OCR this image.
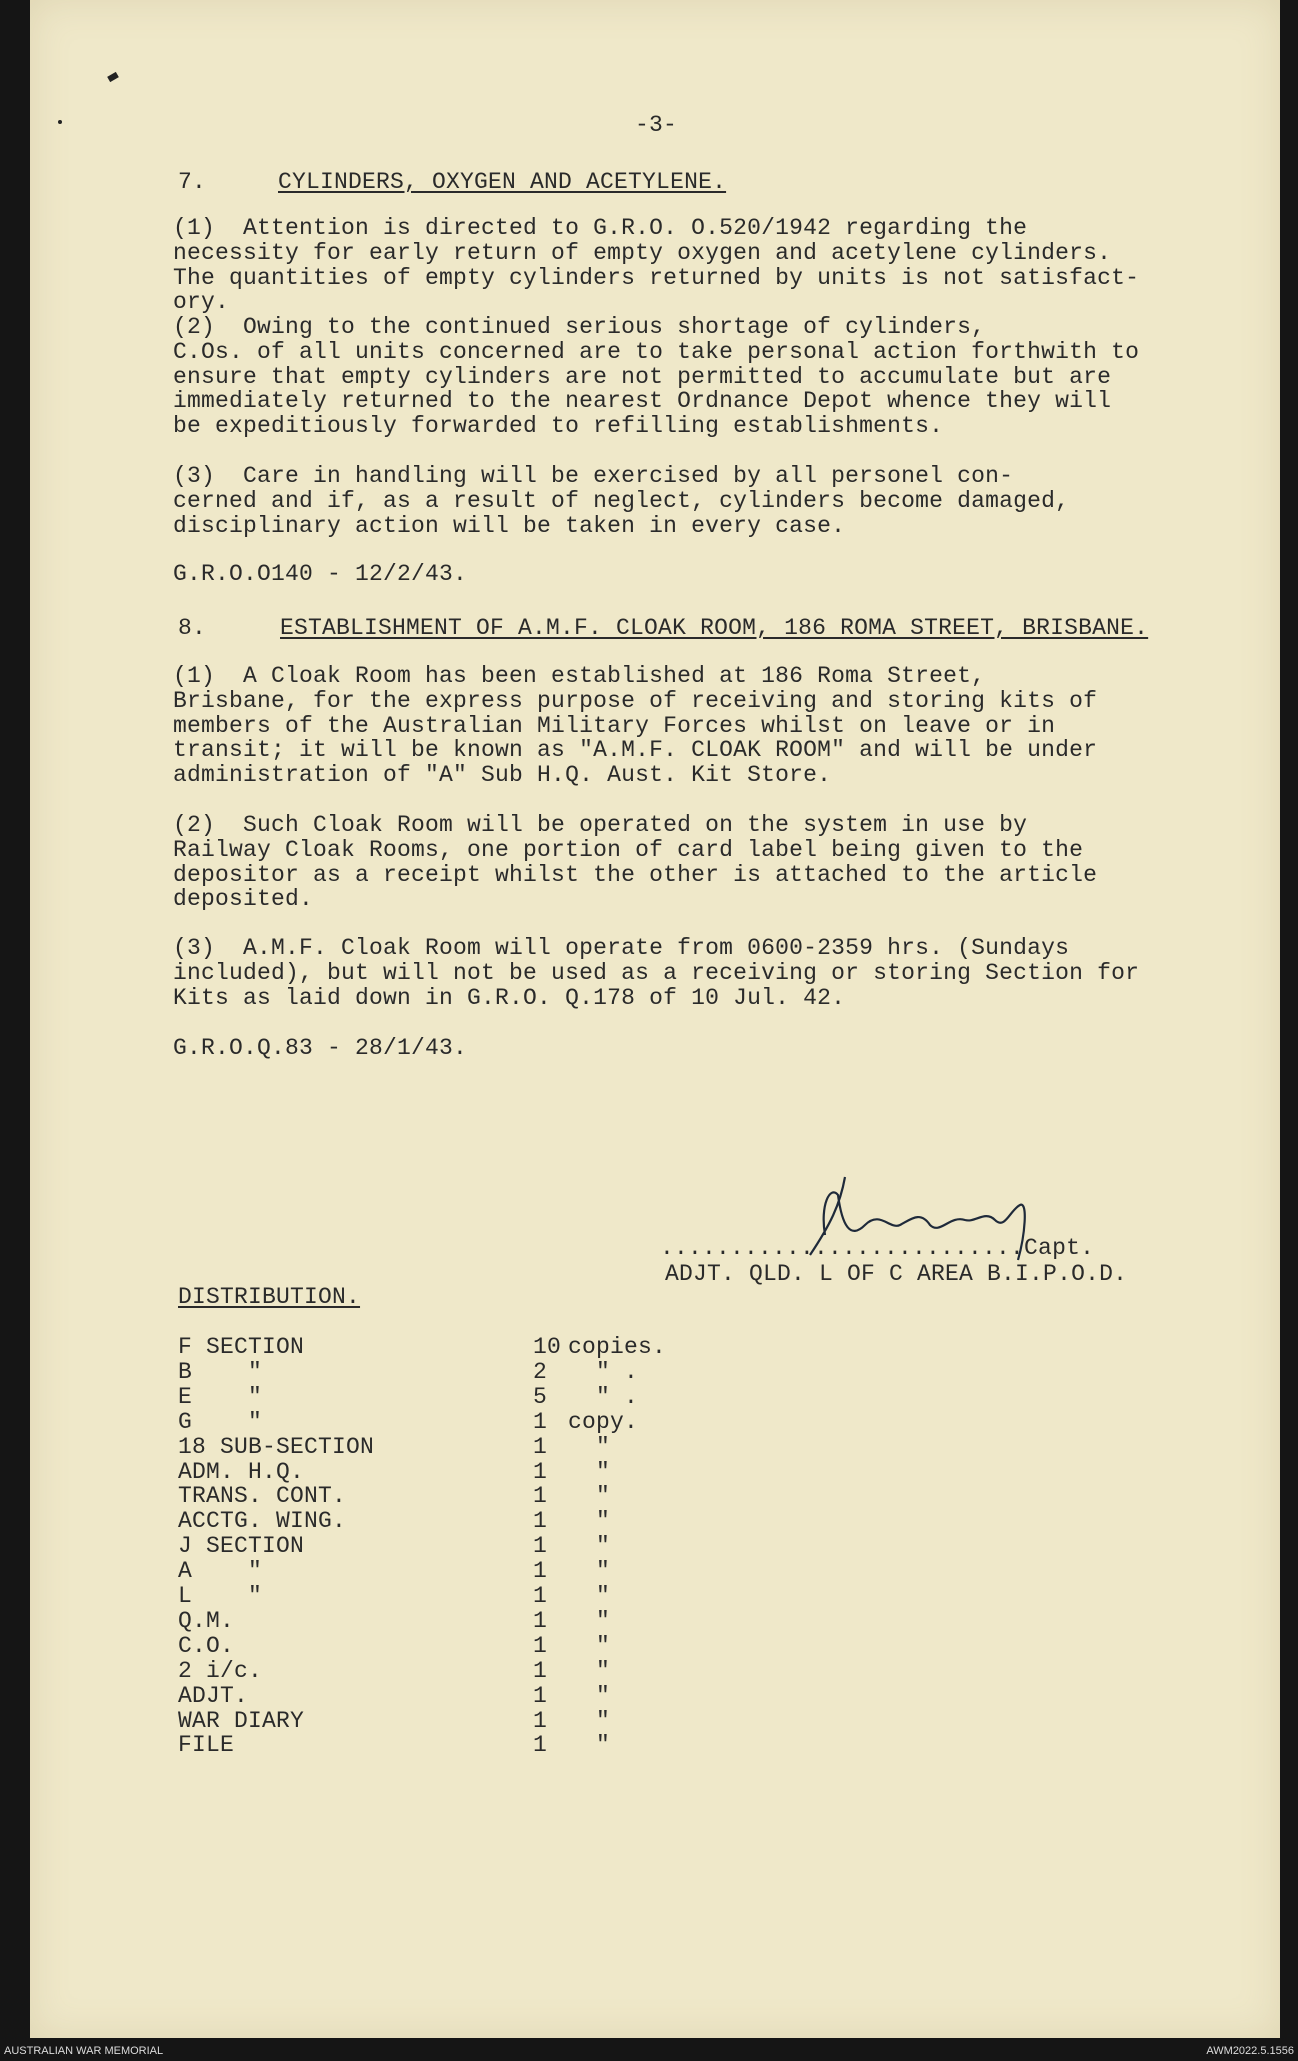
-3-
7.	CYLINDERS, OXYGEN AND ACETYLENE.
(1)  Attention is directed to G.R.O. O.520/1942 regarding the
necessity for early return of empty oxygen and acetylene cylinders.
The quantities of empty cylinders returned by units is not satisfact-
ory.
(2)  Owing to the continued serious shortage of cylinders,
C.Os. of all units concerned are to take personal action forthwith to
ensure that empty cylinders are not permitted to accumulate but are
immediately returned to the nearest Ordnance Depot whence they will
be expeditiously forwarded to refilling establishments.
(3)  Care in handling will be exercised by all personel con-
cerned and if, as a result of neglect, cylinders become damaged,
disciplinary action will be taken in every case.
G.R.O.O140 - 12/2/43.
8.	ESTABLISHMENT OF A.M.F. CLOAK ROOM, 186 ROMA STREET, BRISBANE.
(1)  A Cloak Room has been established at 186 Roma Street,
Brisbane, for the express purpose of receiving and storing kits of
members of the Australian Military Forces whilst on leave or in
transit; it will be known as "A.M.F. CLOAK ROOM" and will be under
administration of "A" Sub H.Q. Aust. Kit Store.
(2)  Such Cloak Room will be operated on the system in use by
Railway Cloak Rooms, one portion of card label being given to the
depositor as a receipt whilst the other is attached to the article
deposited.
(3)  A.M.F. Cloak Room will operate from 0600-2359 hrs. (Sundays
included), but will not be used as a receiving or storing Section for
Kits as laid down in G.R.O. Q.178 of 10 Jul. 42.
G.R.O.Q.83 - 28/1/43.
..........................Capt.
ADJT. QLD. L OF C AREA B.I.P.O.D.
DISTRIBUTION.
F SECTION	10 copies.
B    "	2 " .
E    "	5 " .
G    "	1 copy.
18 SUB-SECTION	1 "
ADM. H.Q.	1 "
TRANS. CONT.	1 "
ACCTG. WING.	1 "
J SECTION	1 "
A    "	1 "
L    "	1 "
Q.M.	1 "
C.O.	1 "
2 i/c.	1 "
ADJT.	1 "
WAR DIARY	1 "
FILE	1 "
AUSTRALIAN WAR MEMORIAL	AWM2022.5.1556
